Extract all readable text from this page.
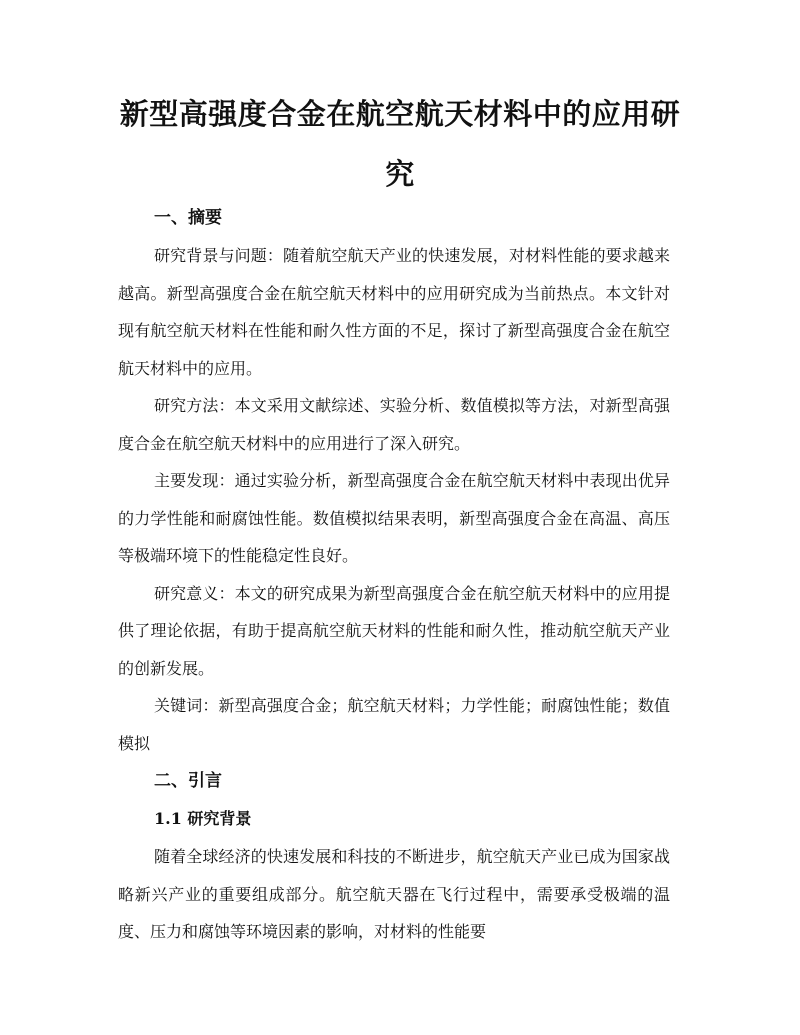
新型高强度合金在航空航天材料中的应用研究
一、摘要

研究背景与问题：随着航空航天产业的快速发展，对材料性能的要求越来越高。新型高强度合金在航空航天材料中的应用研究成为当前热点。本文针对现有航空航天材料在性能和耐久性方面的不足，探讨了新型高强度合金在航空航天材料中的应用。

研究方法：本文采用文献综述、实验分析、数值模拟等方法，对新型高强度合金在航空航天材料中的应用进行了深入研究。

主要发现：通过实验分析，新型高强度合金在航空航天材料中表现出优异的力学性能和耐腐蚀性能。数值模拟结果表明，新型高强度合金在高温、高压等极端环境下的性能稳定性良好。

研究意义：本文的研究成果为新型高强度合金在航空航天材料中的应用提供了理论依据，有助于提高航空航天材料的性能和耐久性，推动航空航天产业的创新发展。

关键词：新型高强度合金；航空航天材料；力学性能；耐腐蚀性能；数值模拟

二、引言
1.1 研究背景

随着全球经济的快速发展和科技的不断进步，航空航天产业已成为国家战略新兴产业的重要组成部分。航空航天器在飞行过程中，需要承受极端的温度、压力和腐蚀等环境因素的影响，对材料的性能要
